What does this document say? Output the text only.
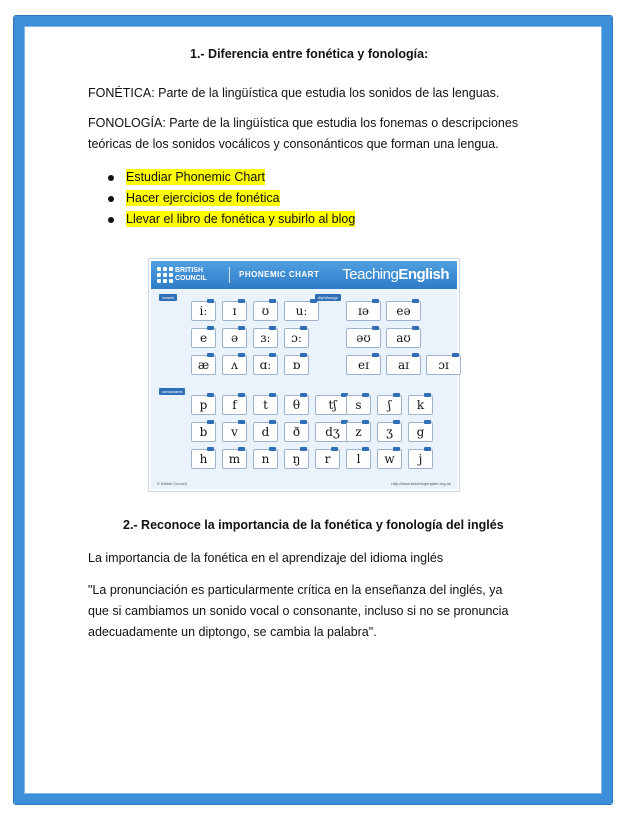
1.- Diferencia entre fonética y fonología:
FONÉTICA: Parte de la lingüística que estudia los sonidos de las lenguas.
FONOLOGÍA: Parte de la lingüística que estudia los fonemas o descripciones
teóricas de los sonidos vocálicos y consonánticos que forman una lengua.
Estudiar Phonemic Chart
Hacer ejercicios de fonética
Llevar el libro de fonética y subirlo al blog
BRITISH
COUNCIL	PHONEMIC CHART TeachingEnglish
vowels	diphthongs
consonants
iː	ɪ	ʊ	uː
e	ə	ɜː	ɔː
æ	ʌ	ɑː	ɒ
ɪə	eə
əʊ	aʊ
eɪ	aɪ	ɔɪ
p	f	t	θ	tʃ	s	ʃ	k
b	v	d	ð	dʒ	z	ʒ	g
h	m	n	ŋ	r	l	w	j
© British Council	http://www.teachingenglish.org.uk
2.- Reconoce la importancia de la fonética y fonología del inglés
La importancia de la fonética en el aprendizaje del idioma inglés
"La pronunciación es particularmente crítica en la enseñanza del inglés, ya
que si cambiamos un sonido vocal o consonante, incluso si no se pronuncia
adecuadamente un diptongo, se cambia la palabra".
